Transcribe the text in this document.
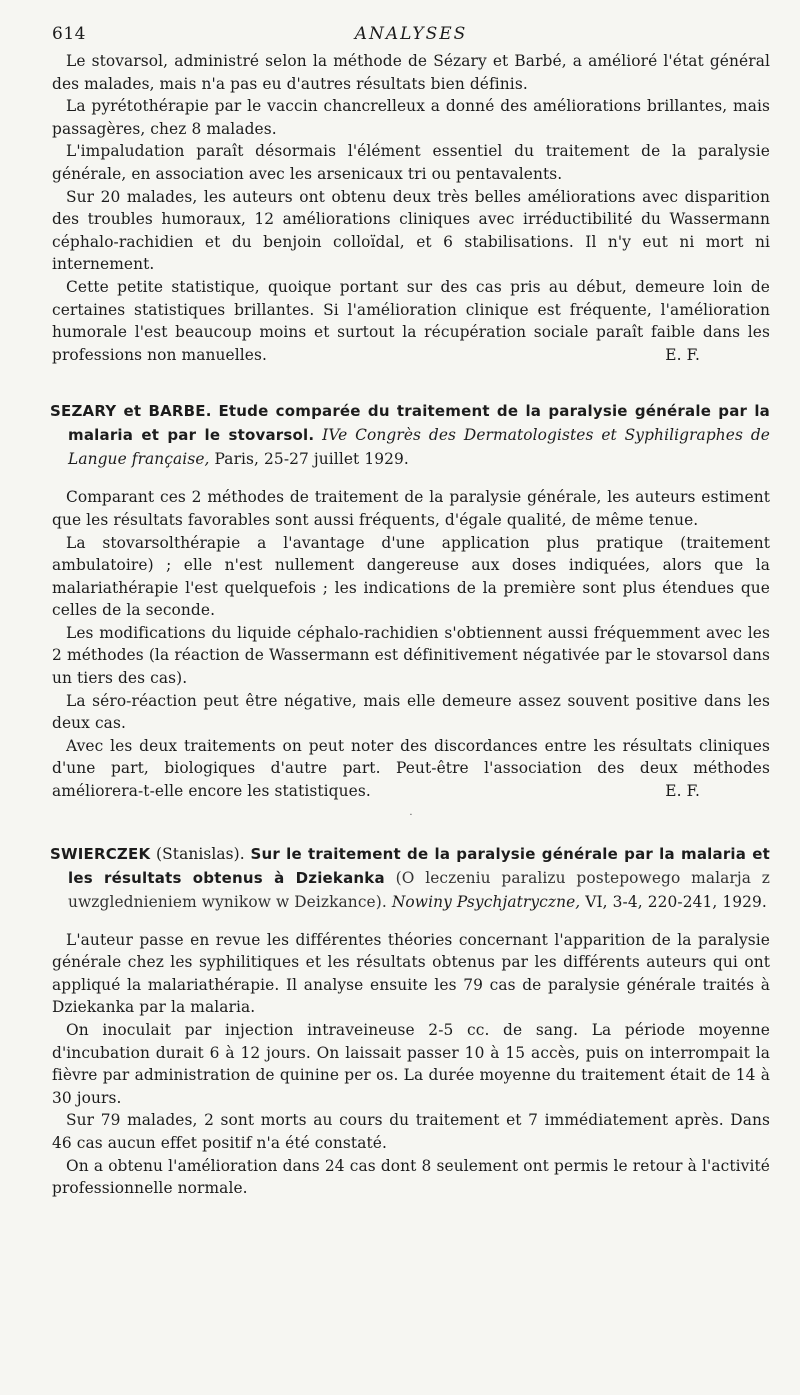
614	ANALYSES

Le stovarsol, administré selon la méthode de Sézary et Barbé, a amélioré l'état général des malades, mais n'a pas eu d'autres résultats bien définis.

La pyrétothérapie par le vaccin chancrelleux a donné des améliorations brillantes, mais passagères, chez 8 malades.

L'impaludation paraît désormais l'élément essentiel du traitement de la paralysie générale, en association avec les arsenicaux tri ou pentavalents.

Sur 20 malades, les auteurs ont obtenu deux très belles améliorations avec disparition des troubles humoraux, 12 améliorations cliniques avec irréductibilité du Wassermann céphalo-rachidien et du benjoin colloïdal, et 6 stabilisations. Il n'y eut ni mort ni internement.

Cette petite statistique, quoique portant sur des cas pris au début, demeure loin de certaines statistiques brillantes. Si l'amélioration clinique est fréquente, l'amélioration humorale l'est beaucoup moins et surtout la récupération sociale paraît faible dans les professions non manuelles.	E. F.

SEZARY et BARBE. Etude comparée du traitement de la paralysie générale par la malaria et par le stovarsol. IVe Congrès des Dermatologistes et Syphiligraphes de Langue française, Paris, 25-27 juillet 1929.

Comparant ces 2 méthodes de traitement de la paralysie générale, les auteurs estiment que les résultats favorables sont aussi fréquents, d'égale qualité, de même tenue.

La stovarsolthérapie a l'avantage d'une application plus pratique (traitement ambulatoire) ; elle n'est nullement dangereuse aux doses indiquées, alors que la malariathérapie l'est quelquefois ; les indications de la première sont plus étendues que celles de la seconde.

Les modifications du liquide céphalo-rachidien s'obtiennent aussi fréquemment avec les 2 méthodes (la réaction de Wassermann est définitivement négativée par le stovarsol dans un tiers des cas).

La séro-réaction peut être négative, mais elle demeure assez souvent positive dans les deux cas.

Avec les deux traitements on peut noter des discordances entre les résultats cliniques d'une part, biologiques d'autre part. Peut-être l'association des deux méthodes améliorera-t-elle encore les statistiques.	E. F.

·

SWIERCZEK (Stanislas). Sur le traitement de la paralysie générale par la malaria et les résultats obtenus à Dziekanka (O leczeniu paralizu postepowego malarja z uwzglednieniem wynikow w Deizkance). Nowiny Psychjatryczne, VI, 3-4, 220-241, 1929.

L'auteur passe en revue les différentes théories concernant l'apparition de la paralysie générale chez les syphilitiques et les résultats obtenus par les différents auteurs qui ont appliqué la malariathérapie. Il analyse ensuite les 79 cas de paralysie générale traités à Dziekanka par la malaria.

On inoculait par injection intraveineuse 2-5 cc. de sang. La période moyenne d'incubation durait 6 à 12 jours. On laissait passer 10 à 15 accès, puis on interrompait la fièvre par administration de quinine per os. La durée moyenne du traitement était de 14 à 30 jours.

Sur 79 malades, 2 sont morts au cours du traitement et 7 immédiatement après. Dans 46 cas aucun effet positif n'a été constaté.

On a obtenu l'amélioration dans 24 cas dont 8 seulement ont permis le retour à l'activité professionnelle normale.
